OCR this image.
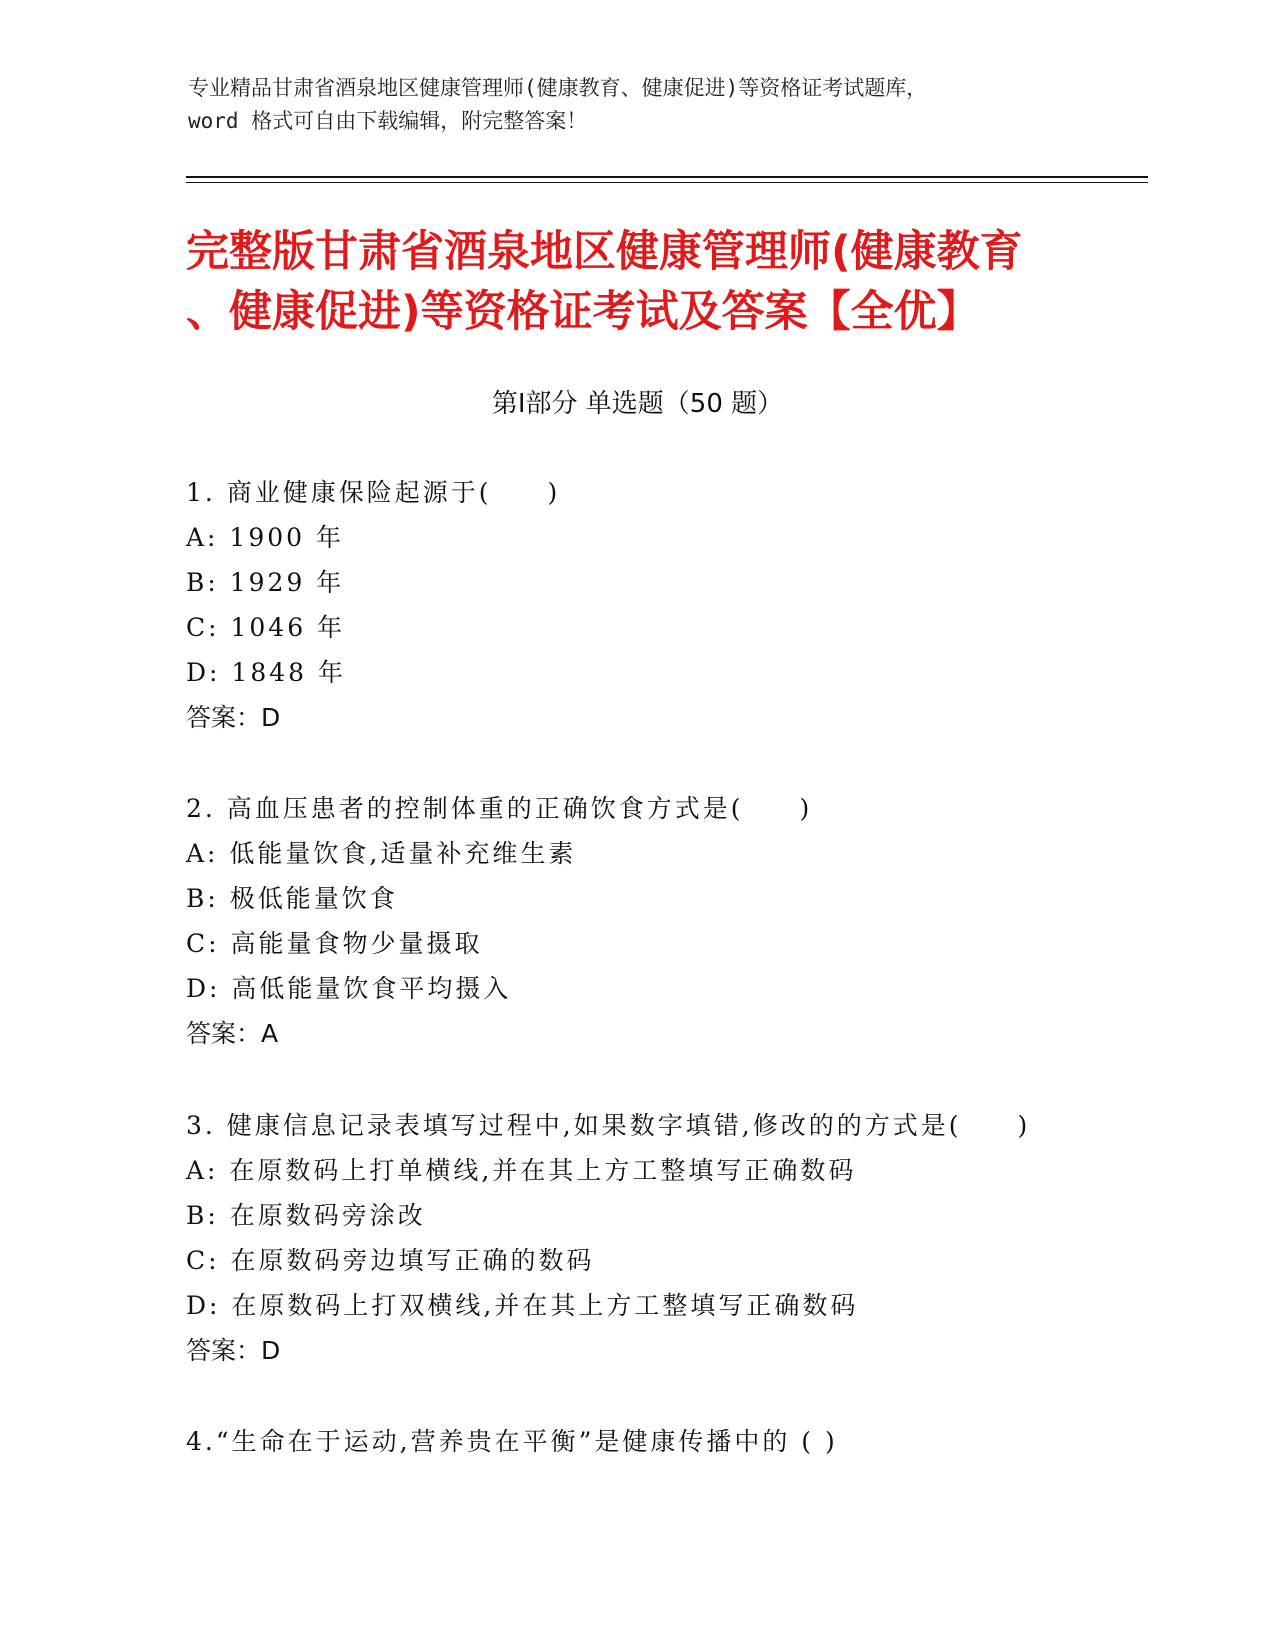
专业精品甘肃省酒泉地区健康管理师(健康教育、健康促进)等资格证考试题库，
word 格式可自由下载编辑，附完整答案！
完整版甘肃省酒泉地区健康管理师(健康教育
、健康促进)等资格证考试及答案【全优】
第Ⅰ部分 单选题（50 题）
1. 商业健康保险起源于(　　)
A: 1900 年
B: 1929 年
C: 1046 年
D: 1848 年
答案：D
2. 高血压患者的控制体重的正确饮食方式是(　　)
A: 低能量饮食,适量补充维生素
B: 极低能量饮食
C: 高能量食物少量摄取
D: 高低能量饮食平均摄入
答案：A
3. 健康信息记录表填写过程中,如果数字填错,修改的的方式是(　　)
A: 在原数码上打单横线,并在其上方工整填写正确数码
B: 在原数码旁涂改
C: 在原数码旁边填写正确的数码
D: 在原数码上打双横线,并在其上方工整填写正确数码
答案：D
4.“生命在于运动,营养贵在平衡”是健康传播中的 ( )
